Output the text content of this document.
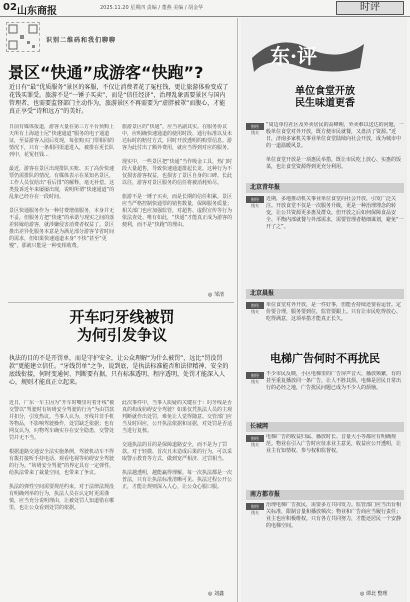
02 山东商报	2025.11.20 星期四 责编 / 董燕 美编 / 胡金华	时评
识别二维码和我们聊聊
景区“快通”成游客“快跑”?
近日有“最”优质服务”景区的客服，不仅让消费者花了冤枉钱，更让旅游体验变成了花钱买罪受。旅游不是“一锤子买卖”，而是“信任经济”，治理乱象需要景区与国内管理者，也需要监督部门主动作为，旅游景区不再需要为“虚胖被罩”而腹心，才能真正享受“诗和远方”的美好。
日前有媒体报道，游客大量在第三方平台预购上天所有上海迪士尼“快速通道”服务的电子通道证，至益游客入园后发现，每张购买门票相同的情况下，只有一条相同渠道进入，被排在更长队列中，花冤枉钱...

最近，游客在景区出现排队买账、买了高价快速票仍需排队的情况。有媒体表示在某知名景区，工作人员仅给出“看后排”的解释，毫无补偿。这类投诉近年来屡屡出现，说明所谓“快速通道”的乱象已经存在一段时间。

景区快通服务作为一种付费增值服务，本身并无不妥，但服务方把“快速”的承诺与现实之间的落差转嫁给游客，就涉嫌侵害消费者权益了。景区推出差异化服务本意是为满足部分游客节省时间的需求，但如果快速通道本身“不快”甚至“更慢”，那就只能是一种变相收费。
旅游景区的“快通”，应当名副其实。在服务协议中，应明确快速通道的使用时段、通行标准以及未达标时的赔付方式，同时开放透明的购票信息。游客为此付出了额外费用，就应当得到对应的服务。

现实中，一些景区把“快通”当作吸金工具，热门时段大量超售，导致快速通道排起长龙。这种行为不仅损害游客权益，也损害了景区自身的口碑。长此以往，游客对景区服务的信任将被消耗殆尽。

旅游不是一锤子买卖，而是长期的信任积累。景区应当严格控制快通票的销售数量，保障服务质量；相关部门也应加强监管，对超售、虚假宣传等行为依法查处。唯有如此，“快通”才能真正成为游客的便利，而不是“快跑”的理由。
◎ 邹清
开车叼牙线被罚
为何引发争议
执法的目的不是开罚单，而是守护安全，让公众理解“为什么被罚”，远比“罚没罚款”更能建立信任。“牙线罚单”之争，说到底，是执法标准能否和法律精神、安全的底线衔接，何时变通何、判断要有据，只有标准透明、程序透明，处罚才能深入人心，规则才能真正立起来。
近日，广东一车主因为“开车时嘴里叼着牙线”被交警以“驾驶时有妨碍安全驾驶的行为”为由罚款并扣分，引发热议。当事人认为，牙线并非手机等物品，不影响驾驶操作，处罚缺乏依据；也有网友认为，叼物驾车确实存在安全隐患，交警处罚并无不当。

根据道路交通安全法实施条例，驾驶机动车不得有拨打接听手持电话、观看电视等妨碍安全驾驶的行为。“妨碍安全驾驶”的界定具有一定弹性，给执法带来了裁量空间，也带来了争议。

执法的弹性空间需要规范约束。对于法律法规没有明确列举的行为，执法人员在认定时更需谨慎，应当充分说明理由，让被处罚人知道错在哪里，也让公众看到处罚的依据。
此次事件中，当事人质疑的关键在于：叼牙线是否真的构成妨碍安全驾驶？如果仅凭执法人员的主观判断就作出处罚，难免让人觉得随意。交管部门应当及时回应，公开执法依据和证据，对处罚是否适当进行复核。

交通执法的目的是保障道路安全，而不是为了罚款。对于轻微、首次且未造成后果的行为，可以采取警示教育等方式，做到宽严相济、过罚相当。

执法越透明，越能赢得理解。每一次执法都是一次普法，只有让执法标准清晰可见、执法过程公开公正，才能让规则深入人心，让公众心服口服。
◎ 刘鑫
东·评
单位食堂开放
民生味道更香
财经
钱夫
“周边单位社区及外卖居民的高峰期，外卖难以送达的问题，一般单位食堂对外开放，既方便市民就餐，又盘活了资源。”近日，济南多家机关事业单位食堂陆续向社会开放，成为城市中的一道温暖风景。

单位食堂开放是一项惠民举措，既让市民吃上放心、实惠的饭菜，也让食堂资源得到更充分利用。
北京青年报
财经
钱夫
近期，多地推动机关事业单位食堂向社会开放，引发广泛关注。开放食堂不仅是一次服务升级，更是一种治理理念的转变，让公共资源更多惠及群众。但开放之后如何保障食品安全、平衡内部就餐与外部需求，需要管理者精细谋划，避免“一开了之”。
北京晨报
财经
钱夫
单位食堂对外开放，是一件好事，但能否持续还要看运营。定价要合理，服务要到位，监管要跟上。只有让市民吃得放心、吃得满意，这项举措才能真正长久。
电梯广告何时不再扰民
财经
钱夫
不少市民反映，小区电梯里的广告屏声音大、播放频繁，有的甚至重复播放同一条广告，让人不胜其烦。电梯是居民日常出行的必经之地，广告扰民问题已成为不少人的烦恼。
长城网
财经
钱夫
电梯广告的收益归属、播放时长、音量大小等都应有明确规范。物业在引入广告时应征求业主意见，收益应公开透明，让业主有知情权、参与权和监督权。
南方都市报
财经
钱夫
治理电梯广告扰民，需要多方共同发力。监管部门应当出台相关标准，限制音量和播放频次；物业和广告商应当履行责任；业主也应积极维权。只有各方共同努力，才能还居民一个安静的电梯空间。
◎ 谭北 整理
